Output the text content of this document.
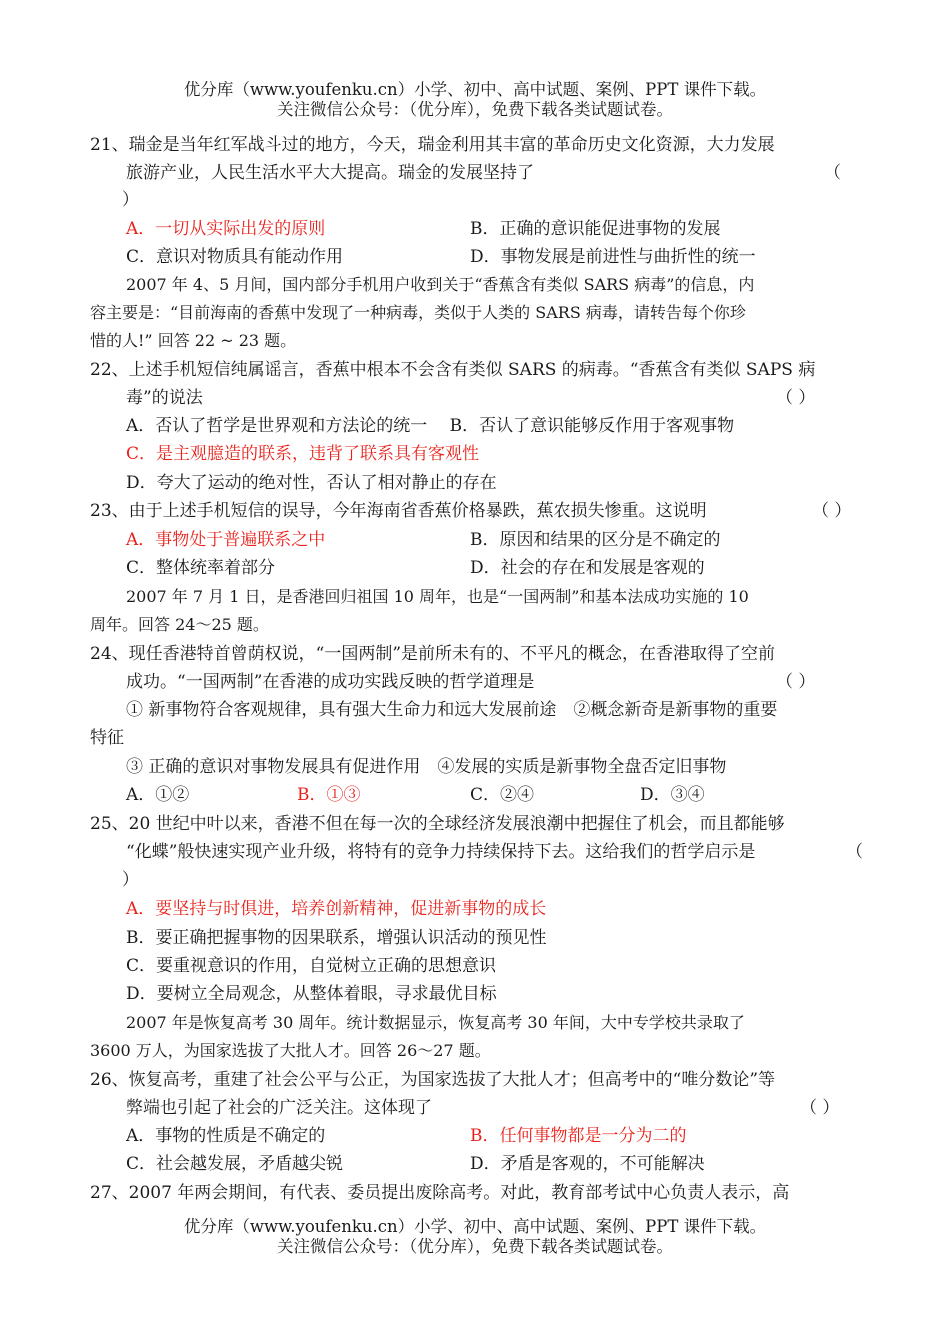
优分库（www.youfenku.cn）小学、初中、高中试题、案例、PPT 课件下载。
关注微信公众号：（优分库），免费下载各类试题试卷。
21、瑞金是当年红军战斗过的地方，今天，瑞金利用其丰富的革命历史文化资源，大力发展
旅游产业，人民生活水平大大提高。瑞金的发展坚持了	（
）
A．一切从实际出发的原则	B．正确的意识能促进事物的发展
C．意识对物质具有能动作用	D．事物发展是前进性与曲折性的统一
2007 年 4、5 月间，国内部分手机用户收到关于“香蕉含有类似 SARS 病毒”的信息，内
容主要是：“目前海南的香蕉中发现了一种病毒，类似于人类的 SARS 病毒，请转告每个你珍
惜的人!” 回答 22 ~ 23 题。
22、上述手机短信纯属谣言，香蕉中根本不会含有类似 SARS 的病毒。“香蕉含有类似 SAPS 病
毒”的说法	（ ）
A．否认了哲学是世界观和方法论的统一　 B．否认了意识能够反作用于客观事物
C．是主观臆造的联系，违背了联系具有客观性
D．夸大了运动的绝对性，否认了相对静止的存在
23、由于上述手机短信的误导，今年海南省香蕉价格暴跌，蕉农损失惨重。这说明	（ ）
A．事物处于普遍联系之中	B．原因和结果的区分是不确定的
C．整体统率着部分	D．社会的存在和发展是客观的
2007 年 7 月 1 日，是香港回归祖国 10 周年，也是“一国两制”和基本法成功实施的 10
周年。回答 24～25 题。
24、现任香港特首曾荫权说，“一国两制”是前所未有的、不平凡的概念，在香港取得了空前
成功。“一国两制”在香港的成功实践反映的哲学道理是	（ ）
① 新事物符合客观规律，具有强大生命力和远大发展前途　②概念新奇是新事物的重要
特征
③ 正确的意识对事物发展具有促进作用　④发展的实质是新事物全盘否定旧事物
A．①②	B．①③	C．②④	D．③④
25、20 世纪中叶以来，香港不但在每一次的全球经济发展浪潮中把握住了机会，而且都能够
“化蝶”般快速实现产业升级，将特有的竞争力持续保持下去。这给我们的哲学启示是	（
）
A．要坚持与时俱进，培养创新精神，促进新事物的成长
B．要正确把握事物的因果联系，增强认识活动的预见性
C．要重视意识的作用，自觉树立正确的思想意识
D．要树立全局观念，从整体着眼，寻求最优目标
2007 年是恢复高考 30 周年。统计数据显示，恢复高考 30 年间，大中专学校共录取了
3600 万人，为国家选拔了大批人才。回答 26～27 题。
26、恢复高考，重建了社会公平与公正，为国家选拔了大批人才；但高考中的“唯分数论”等
弊端也引起了社会的广泛关注。这体现了	（ ）
A．事物的性质是不确定的	B．任何事物都是一分为二的
C．社会越发展，矛盾越尖锐	D．矛盾是客观的，不可能解决
27、2007 年两会期间，有代表、委员提出废除高考。对此，教育部考试中心负责人表示，高
优分库（www.youfenku.cn）小学、初中、高中试题、案例、PPT 课件下载。
关注微信公众号：（优分库），免费下载各类试题试卷。
